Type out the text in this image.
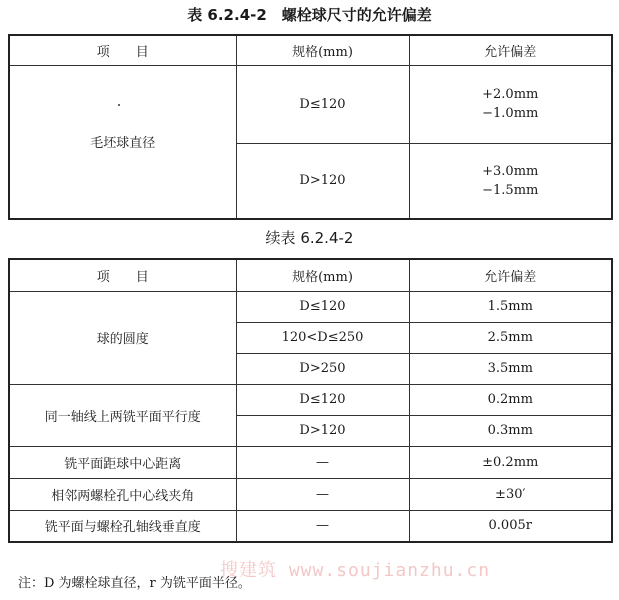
表 6.2.4-2　螺栓球尺寸的允许偏差
项　　目	规格(mm)	允许偏差
毛坯球直径	D≤120	+2.0mm
−1.0mm

	D>120	+3.0mm
−1.5mm
续表 6.2.4-2
项　　目	规格(mm)	允许偏差
球的圆度	D≤120	1.5mm
	120<D≤250	2.5mm
	D>250	3.5mm
同一轴线上两铣平面平行度	D≤120	0.2mm
	D>120	0.3mm
铣平面距球中心距离	—	±0.2mm
相邻两螺栓孔中心线夹角	—	±30′
铣平面与螺栓孔轴线垂直度	—	0.005r
搜建筑 www.soujianzhu.cn
注：D 为螺栓球直径，r 为铣平面半径。
